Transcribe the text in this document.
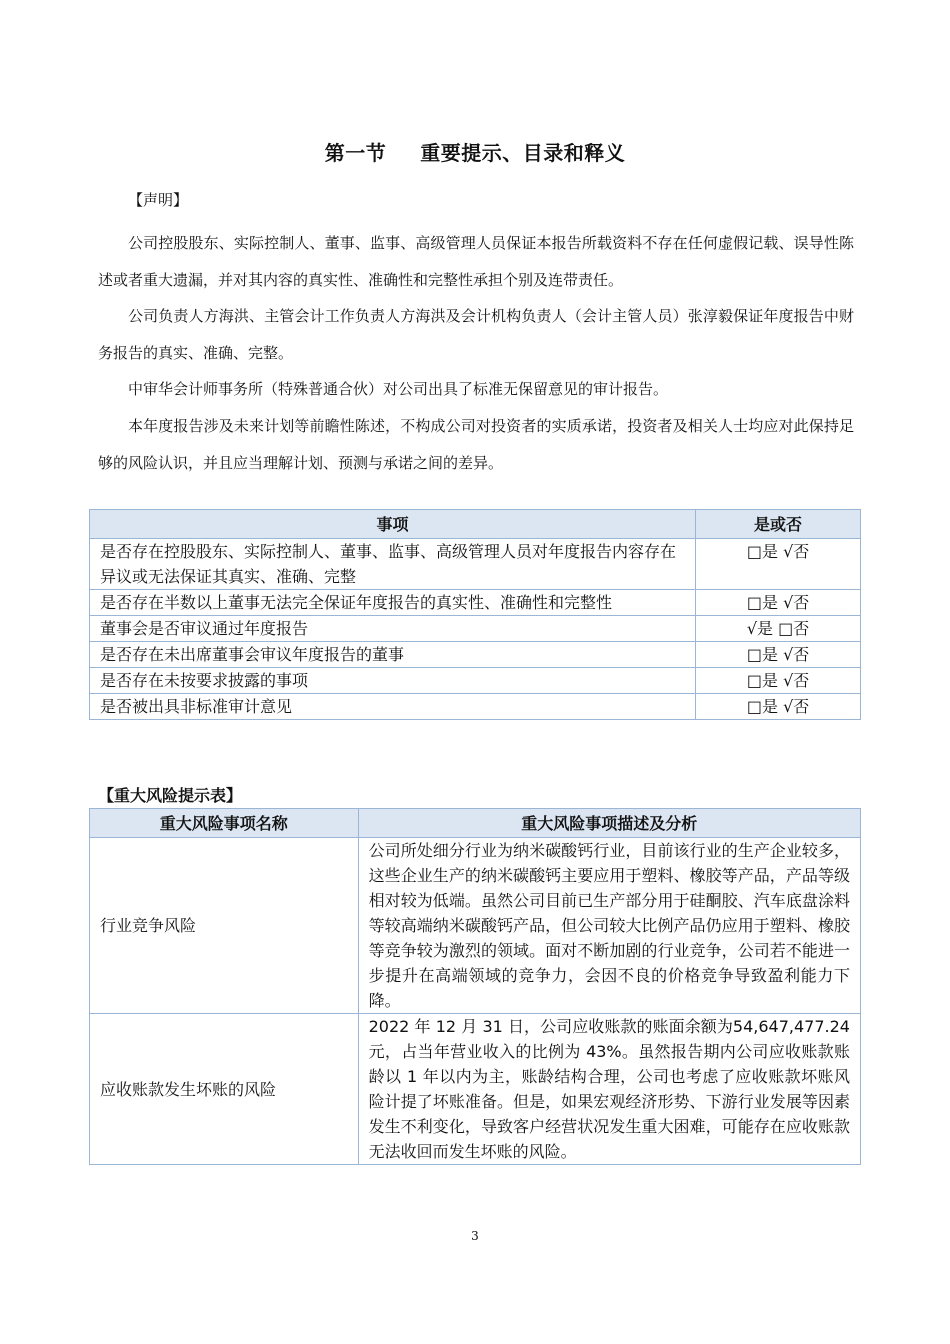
第一节 重要提示、目录和释义
【声明】
公司控股股东、实际控制人、董事、监事、高级管理人员保证本报告所载资料不存在任何虚假记载、误导性陈述或者重大遗漏，并对其内容的真实性、准确性和完整性承担个别及连带责任。
公司负责人方海洪、主管会计工作负责人方海洪及会计机构负责人（会计主管人员）张淳毅保证年度报告中财务报告的真实、准确、完整。
中审华会计师事务所（特殊普通合伙）对公司出具了标准无保留意见的审计报告。
本年度报告涉及未来计划等前瞻性陈述，不构成公司对投资者的实质承诺，投资者及相关人士均应对此保持足够的风险认识，并且应当理解计划、预测与承诺之间的差异。
事项	是或否
是否存在控股股东、实际控制人、董事、监事、高级管理人员对年度报告内容存在异议或无法保证其真实、准确、完整	□是 √否
是否存在半数以上董事无法完全保证年度报告的真实性、准确性和完整性	□是 √否
董事会是否审议通过年度报告	√是 □否
是否存在未出席董事会审议年度报告的董事	□是 √否
是否存在未按要求披露的事项	□是 √否
是否被出具非标准审计意见	□是 √否
【重大风险提示表】
重大风险事项名称	重大风险事项描述及分析
行业竞争风险	公司所处细分行业为纳米碳酸钙行业，目前该行业的生产企业较多，这些企业生产的纳米碳酸钙主要应用于塑料、橡胶等产品，产品等级相对较为低端。虽然公司目前已生产部分用于硅酮胶、汽车底盘涂料等较高端纳米碳酸钙产品，但公司较大比例产品仍应用于塑料、橡胶等竞争较为激烈的领域。面对不断加剧的行业竞争，公司若不能进一步提升在高端领域的竞争力，会因不良的价格竞争导致盈利能力下降。
应收账款发生坏账的风险	2022 年 12 月 31 日，公司应收账款的账面余额为54,647,477.24 元，占当年营业收入的比例为 43%。虽然报告期内公司应收账款账龄以 1 年以内为主，账龄结构合理，公司也考虑了应收账款坏账风险计提了坏账准备。但是，如果宏观经济形势、下游行业发展等因素发生不利变化，导致客户经营状况发生重大困难，可能存在应收账款无法收回而发生坏账的风险。
3
